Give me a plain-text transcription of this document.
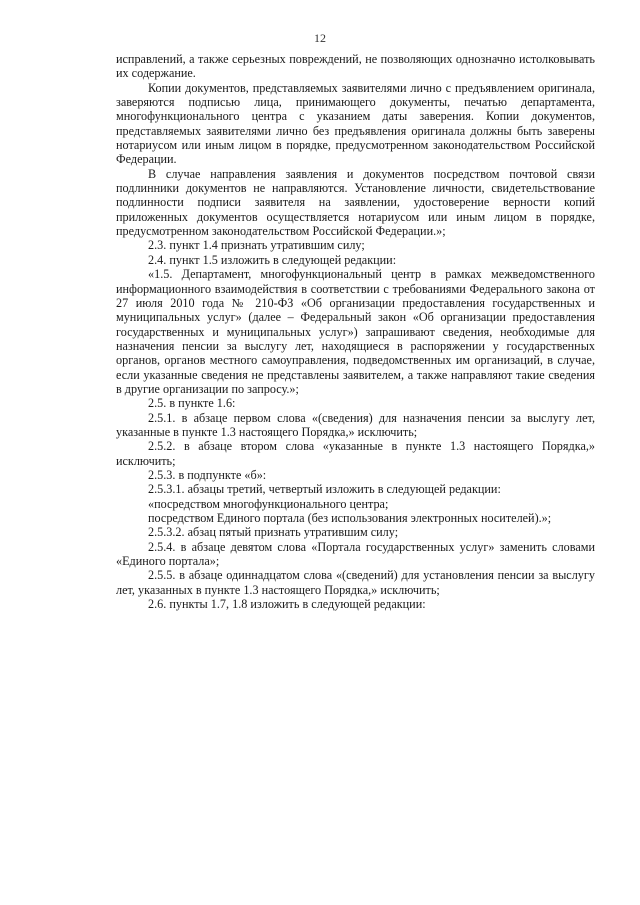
12

исправлений, а также серьезных повреждений, не позволяющих однозначно истолковывать их содержание.

Копии документов, представляемых заявителями лично с предъявлением оригинала, заверяются подписью лица, принимающего документы, печатью департамента, многофункционального центра с указанием даты заверения. Копии документов, представляемых заявителями лично без предъявления оригинала должны быть заверены нотариусом или иным лицом в порядке, предусмотренном законодательством Российской Федерации.

В случае направления заявления и документов посредством почтовой связи подлинники документов не направляются. Установление личности, свидетельствование подлинности подписи заявителя на заявлении, удостоверение верности копий приложенных документов осуществляется нотариусом или иным лицом в порядке, предусмотренном законодательством Российской Федерации.»;

2.3. пункт 1.4 признать утратившим силу;

2.4. пункт 1.5 изложить в следующей редакции:

«1.5. Департамент, многофункциональный центр в рамках межведомственного информационного взаимодействия в соответствии с требованиями Федерального закона от 27 июля 2010 года № 210-ФЗ «Об организации предоставления государственных и муниципальных услуг» (далее – Федеральный закон «Об организации предоставления государственных и муниципальных услуг») запрашивают сведения, необходимые для назначения пенсии за выслугу лет, находящиеся в распоряжении у государственных органов, органов местного самоуправления, подведомственных им организаций, в случае, если указанные сведения не представлены заявителем, а также направляют такие сведения в другие организации по запросу.»;

2.5. в пункте 1.6:

2.5.1. в абзаце первом слова «(сведения) для назначения пенсии за выслугу лет, указанные в пункте 1.3 настоящего Порядка,» исключить;

2.5.2. в абзаце втором слова «указанные в пункте 1.3 настоящего Порядка,» исключить;

2.5.3. в подпункте «б»:

2.5.3.1. абзацы третий, четвертый изложить в следующей редакции:

«посредством многофункционального центра;

посредством Единого портала (без использования электронных носителей).»;

2.5.3.2. абзац пятый признать утратившим силу;

2.5.4. в абзаце девятом слова «Портала государственных услуг» заменить словами «Единого портала»;

2.5.5. в абзаце одиннадцатом слова «(сведений) для установления пенсии за выслугу лет, указанных в пункте 1.3 настоящего Порядка,» исключить;

2.6. пункты 1.7, 1.8 изложить в следующей редакции:
